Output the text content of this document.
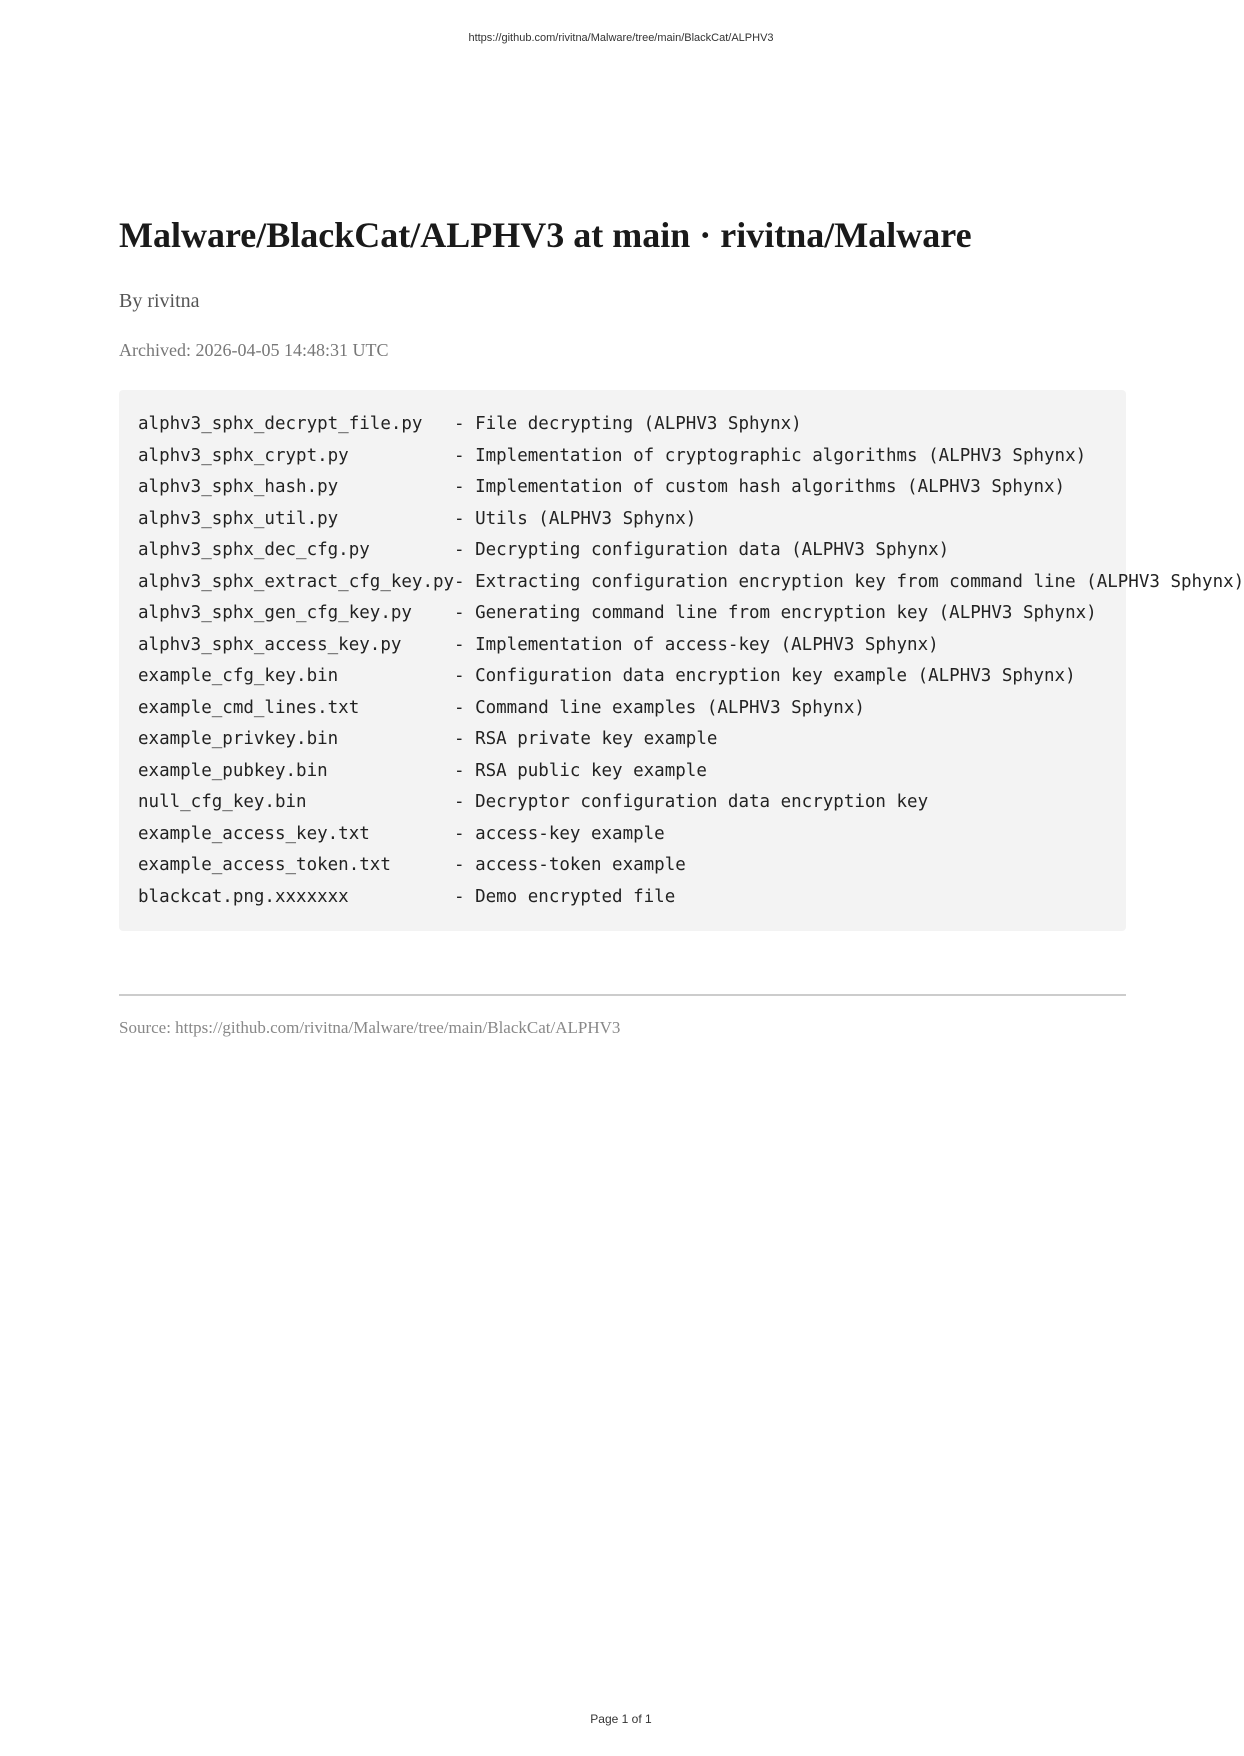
https://github.com/rivitna/Malware/tree/main/BlackCat/ALPHV3
Malware/BlackCat/ALPHV3 at main · rivitna/Malware
By rivitna
Archived: 2026-04-05 14:48:31 UTC
alphv3_sphx_decrypt_file.py	- File decrypting (ALPHV3 Sphynx)
alphv3_sphx_crypt.py	- Implementation of cryptographic algorithms (ALPHV3 Sphynx)
alphv3_sphx_hash.py	- Implementation of custom hash algorithms (ALPHV3 Sphynx)
alphv3_sphx_util.py	- Utils (ALPHV3 Sphynx)
alphv3_sphx_dec_cfg.py	- Decrypting configuration data (ALPHV3 Sphynx)
alphv3_sphx_extract_cfg_key.py - Extracting configuration encryption key from command line (ALPHV3 Sphynx)
alphv3_sphx_gen_cfg_key.py	- Generating command line from encryption key (ALPHV3 Sphynx)
alphv3_sphx_access_key.py	- Implementation of access-key (ALPHV3 Sphynx)
example_cfg_key.bin	- Configuration data encryption key example (ALPHV3 Sphynx)
example_cmd_lines.txt	- Command line examples (ALPHV3 Sphynx)
example_privkey.bin	- RSA private key example
example_pubkey.bin	- RSA public key example
null_cfg_key.bin	- Decryptor configuration data encryption key
example_access_key.txt	- access-key example
example_access_token.txt	- access-token example
blackcat.png.xxxxxxx	- Demo encrypted file
Source: https://github.com/rivitna/Malware/tree/main/BlackCat/ALPHV3
Page 1 of 1
